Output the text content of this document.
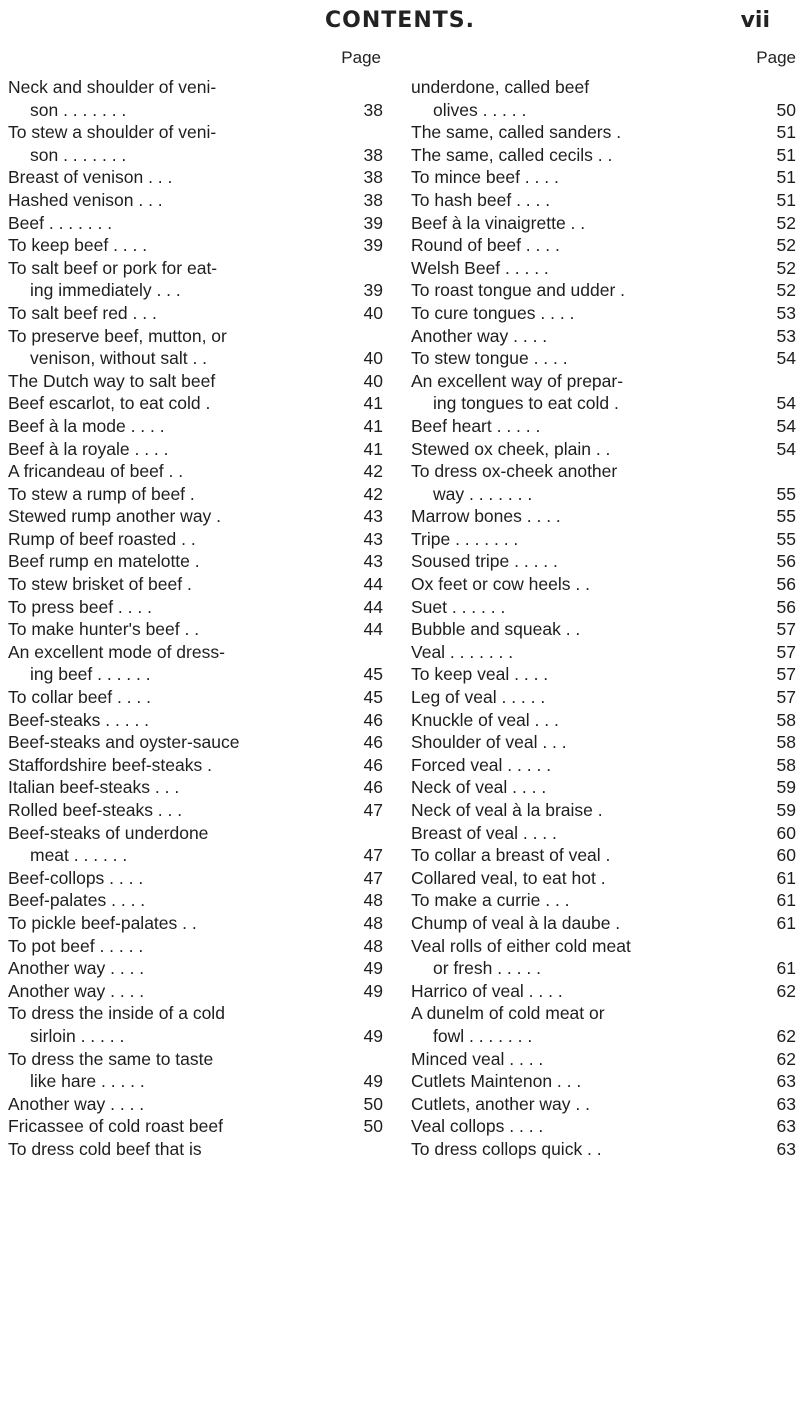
CONTENTS.	vii
Page
Neck and shoulder of veni-
son . . . . . . .	38
To stew a shoulder of veni-
son . . . . . . .	38
Breast of venison . . .	38
Hashed venison . . .	38
Beef . . . . . . .	39
To keep beef . . . .	39
To salt beef or pork for eat-
ing immediately . . .	39
To salt beef red . . .	40
To preserve beef, mutton, or
venison, without salt . .	40
The Dutch way to salt beef	40
Beef escarlot, to eat cold .	41
Beef à la mode . . . .	41
Beef à la royale . . . .	41
A fricandeau of beef . .	42
To stew a rump of beef .	42
Stewed rump another way .	43
Rump of beef roasted . .	43
Beef rump en matelotte .	43
To stew brisket of beef .	44
To press beef . . . .	44
To make hunter's beef . .	44
An excellent mode of dress-
ing beef . . . . . .	45
To collar beef . . . .	45
Beef-steaks . . . . .	46
Beef-steaks and oyster-sauce	46
Staffordshire beef-steaks .	46
Italian beef-steaks . . .	46
Rolled beef-steaks . . .	47
Beef-steaks of underdone
meat . . . . . .	47
Beef-collops . . . .	47
Beef-palates . . . .	48
To pickle beef-palates . .	48
To pot beef . . . . .	48
Another way . . . .	49
Another way . . . .	49
To dress the inside of a cold
sirloin . . . . .	49
To dress the same to taste
like hare . . . . .	49
Another way . . . .	50
Fricassee of cold roast beef	50
To dress cold beef that is
Page
underdone, called beef
olives . . . . .	50
The same, called sanders .	51
The same, called cecils . .	51
To mince beef . . . .	51
To hash beef . . . .	51
Beef à la vinaigrette . .	52
Round of beef . . . .	52
Welsh Beef . . . . .	52
To roast tongue and udder .	52
To cure tongues . . . .	53
Another way . . . .	53
To stew tongue . . . .	54
An excellent way of prepar-
ing tongues to eat cold .	54
Beef heart . . . . .	54
Stewed ox cheek, plain . .	54
To dress ox-cheek another
way . . . . . . .	55
Marrow bones . . . .	55
Tripe . . . . . . .	55
Soused tripe . . . . .	56
Ox feet or cow heels . .	56
Suet . . . . . .	56
Bubble and squeak . .	57
Veal . . . . . . .	57
To keep veal . . . .	57
Leg of veal . . . . .	57
Knuckle of veal . . .	58
Shoulder of veal . . .	58
Forced veal . . . . .	58
Neck of veal . . . .	59
Neck of veal à la braise .	59
Breast of veal . . . .	60
To collar a breast of veal .	60
Collared veal, to eat hot .	61
To make a currie . . .	61
Chump of veal à la daube .	61
Veal rolls of either cold meat
or fresh . . . . .	61
Harrico of veal . . . .	62
A dunelm of cold meat or
fowl . . . . . . .	62
Minced veal . . . .	62
Cutlets Maintenon . . .	63
Cutlets, another way . .	63
Veal collops . . . .	63
To dress collops quick . .	63
